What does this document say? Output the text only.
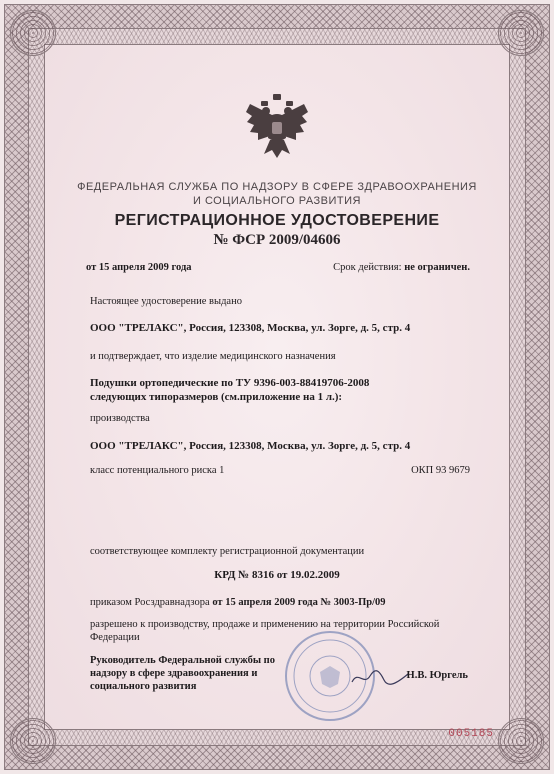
ФЕДЕРАЛЬНАЯ СЛУЖБА ПО НАДЗОРУ В СФЕРЕ ЗДРАВООХРАНЕНИЯ
И СОЦИАЛЬНОГО РАЗВИТИЯ
РЕГИСТРАЦИОННОЕ УДОСТОВЕРЕНИЕ
№ ФСР 2009/04606
от 15 апреля 2009 года	Срок действия: не ограничен.
Настоящее удостоверение выдано
ООО "ТРЕЛАКС", Россия, 123308, Москва, ул. Зорге, д. 5, стр. 4
и подтверждает, что изделие медицинского назначения
Подушки ортопедические по ТУ 9396-003-88419706-2008 следующих типоразмеров (см.приложение на 1 л.):
производства
ООО "ТРЕЛАКС", Россия, 123308, Москва, ул. Зорге, д. 5, стр. 4
класс потенциального риска 1	ОКП 93 9679
соответствующее комплекту регистрационной документации
КРД № 8316 от 19.02.2009
приказом Росздравнадзора от 15 апреля 2009 года № 3003-Пр/09
разрешено к производству, продаже и применению на территории Российской Федерации
Руководитель Федеральной службы по надзору в сфере здравоохранения и социального развития
Н.В. Юргель
005185
